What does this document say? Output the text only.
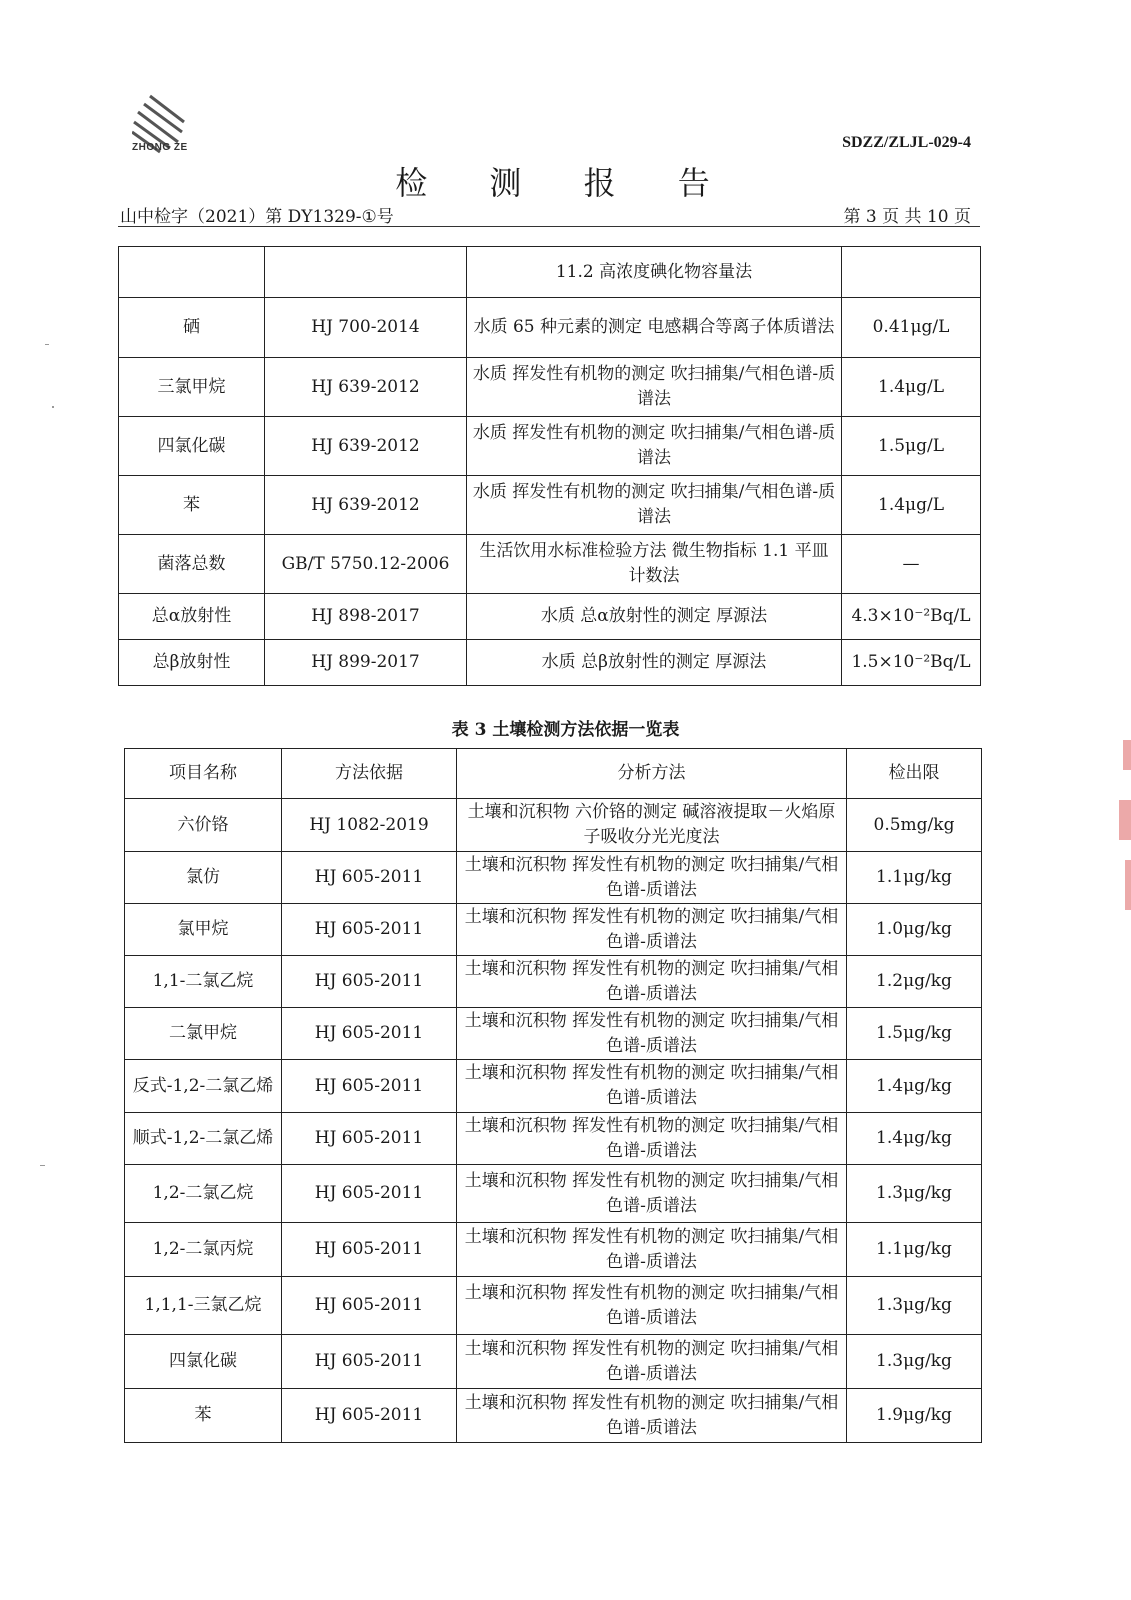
ZHONG ZE	SDZZ/ZLJL-029-4
检 测 报 告
山中检字（2021）第 DY1329-①号	第 3 页 共 10 页
		11.2 高浓度碘化物容量法	
硒	HJ 700-2014	水质 65 种元素的测定 电感耦合等离子体质谱法	0.41μg/L
三氯甲烷	HJ 639-2012	水质 挥发性有机物的测定 吹扫捕集/气相色谱-质谱法	1.4μg/L
四氯化碳	HJ 639-2012	水质 挥发性有机物的测定 吹扫捕集/气相色谱-质谱法	1.5μg/L
苯	HJ 639-2012	水质 挥发性有机物的测定 吹扫捕集/气相色谱-质谱法	1.4μg/L
菌落总数	GB/T 5750.12-2006	生活饮用水标准检验方法 微生物指标 1.1 平皿计数法	—
总α放射性	HJ 898-2017	水质 总α放射性的测定 厚源法	4.3×10⁻²Bq/L
总β放射性	HJ 899-2017	水质 总β放射性的测定 厚源法	1.5×10⁻²Bq/L
表 3 土壤检测方法依据一览表
项目名称	方法依据	分析方法	检出限
六价铬	HJ 1082-2019	土壤和沉积物 六价铬的测定 碱溶液提取－火焰原子吸收分光光度法	0.5mg/kg
氯仿	HJ 605-2011	土壤和沉积物 挥发性有机物的测定 吹扫捕集/气相色谱-质谱法	1.1μg/kg
氯甲烷	HJ 605-2011	土壤和沉积物 挥发性有机物的测定 吹扫捕集/气相色谱-质谱法	1.0μg/kg
1,1-二氯乙烷	HJ 605-2011	土壤和沉积物 挥发性有机物的测定 吹扫捕集/气相色谱-质谱法	1.2μg/kg
二氯甲烷	HJ 605-2011	土壤和沉积物 挥发性有机物的测定 吹扫捕集/气相色谱-质谱法	1.5μg/kg
反式-1,2-二氯乙烯	HJ 605-2011	土壤和沉积物 挥发性有机物的测定 吹扫捕集/气相色谱-质谱法	1.4μg/kg
顺式-1,2-二氯乙烯	HJ 605-2011	土壤和沉积物 挥发性有机物的测定 吹扫捕集/气相色谱-质谱法	1.4μg/kg
1,2-二氯乙烷	HJ 605-2011	土壤和沉积物 挥发性有机物的测定 吹扫捕集/气相色谱-质谱法	1.3μg/kg
1,2-二氯丙烷	HJ 605-2011	土壤和沉积物 挥发性有机物的测定 吹扫捕集/气相色谱-质谱法	1.1μg/kg
1,1,1-三氯乙烷	HJ 605-2011	土壤和沉积物 挥发性有机物的测定 吹扫捕集/气相色谱-质谱法	1.3μg/kg
四氯化碳	HJ 605-2011	土壤和沉积物 挥发性有机物的测定 吹扫捕集/气相色谱-质谱法	1.3μg/kg
苯	HJ 605-2011	土壤和沉积物 挥发性有机物的测定 吹扫捕集/气相色谱-质谱法	1.9μg/kg
